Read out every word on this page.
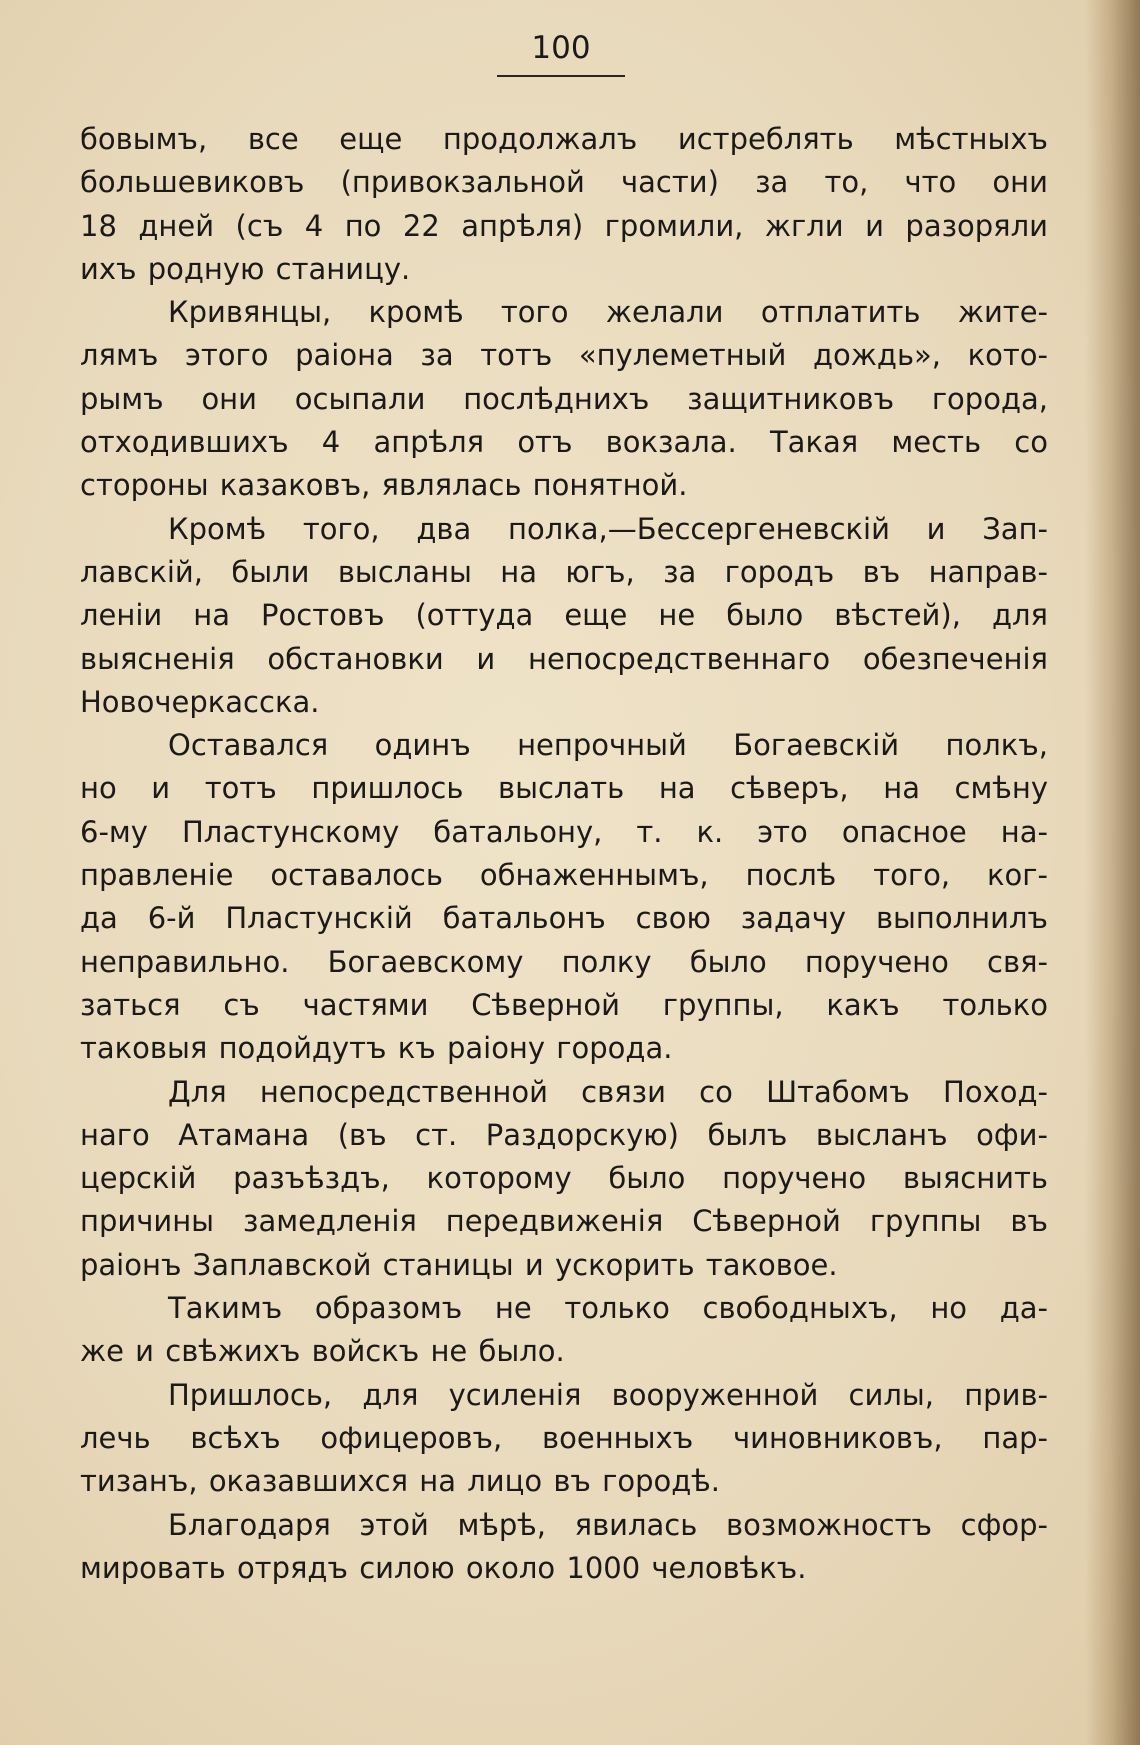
100
бовымъ, все еще продолжалъ истреблять мѣстныхъ
большевиковъ (привокзальной части) за то, что они
18 дней (съ 4 по 22 апрѣля) громили, жгли и разоряли
ихъ родную станицу.
Кривянцы, кромѣ того желали отплатить жите-
лямъ этого раіона за тотъ «пулеметный дождь», кото-
рымъ они осыпали послѣднихъ защитниковъ города,
отходившихъ 4 апрѣля отъ вокзала. Такая месть со
стороны казаковъ, являлась понятной.
Кромѣ того, два полка,—Бессергеневскій и Зап-
лавскій, были высланы на югъ, за городъ въ направ-
леніи на Ростовъ (оттуда еще не было вѣстей), для
выясненія обстановки и непосредственнаго обезпеченія
Новочеркасска.
Оставался одинъ непрочный Богаевскій полкъ,
но и тотъ пришлось выслать на сѣверъ, на смѣну
6-му Пластунскому батальону, т. к. это опасное на-
правленіе оставалось обнаженнымъ, послѣ того, ког-
да 6-й Пластунскій батальонъ свою задачу выполнилъ
неправильно. Богаевскому полку было поручено свя-
заться съ частями Сѣверной группы, какъ только
таковыя подойдутъ къ раіону города.
Для непосредственной связи со Штабомъ Поход-
наго Атамана (въ ст. Раздорскую) былъ высланъ офи-
церскій разъѣздъ, которому было поручено выяснить
причины замедленія передвиженія Сѣверной группы въ
раіонъ Заплавской станицы и ускорить таковое.
Такимъ образомъ не только свободныхъ, но да-
же и свѣжихъ войскъ не было.
Пришлось, для усиленія вооруженной силы, прив-
лечь всѣхъ офицеровъ, военныхъ чиновниковъ, пар-
тизанъ, оказавшихся на лицо въ городѣ.
Благодаря этой мѣрѣ, явилась возможностъ сфор-
мировать отрядъ силою около 1000 человѣкъ.
